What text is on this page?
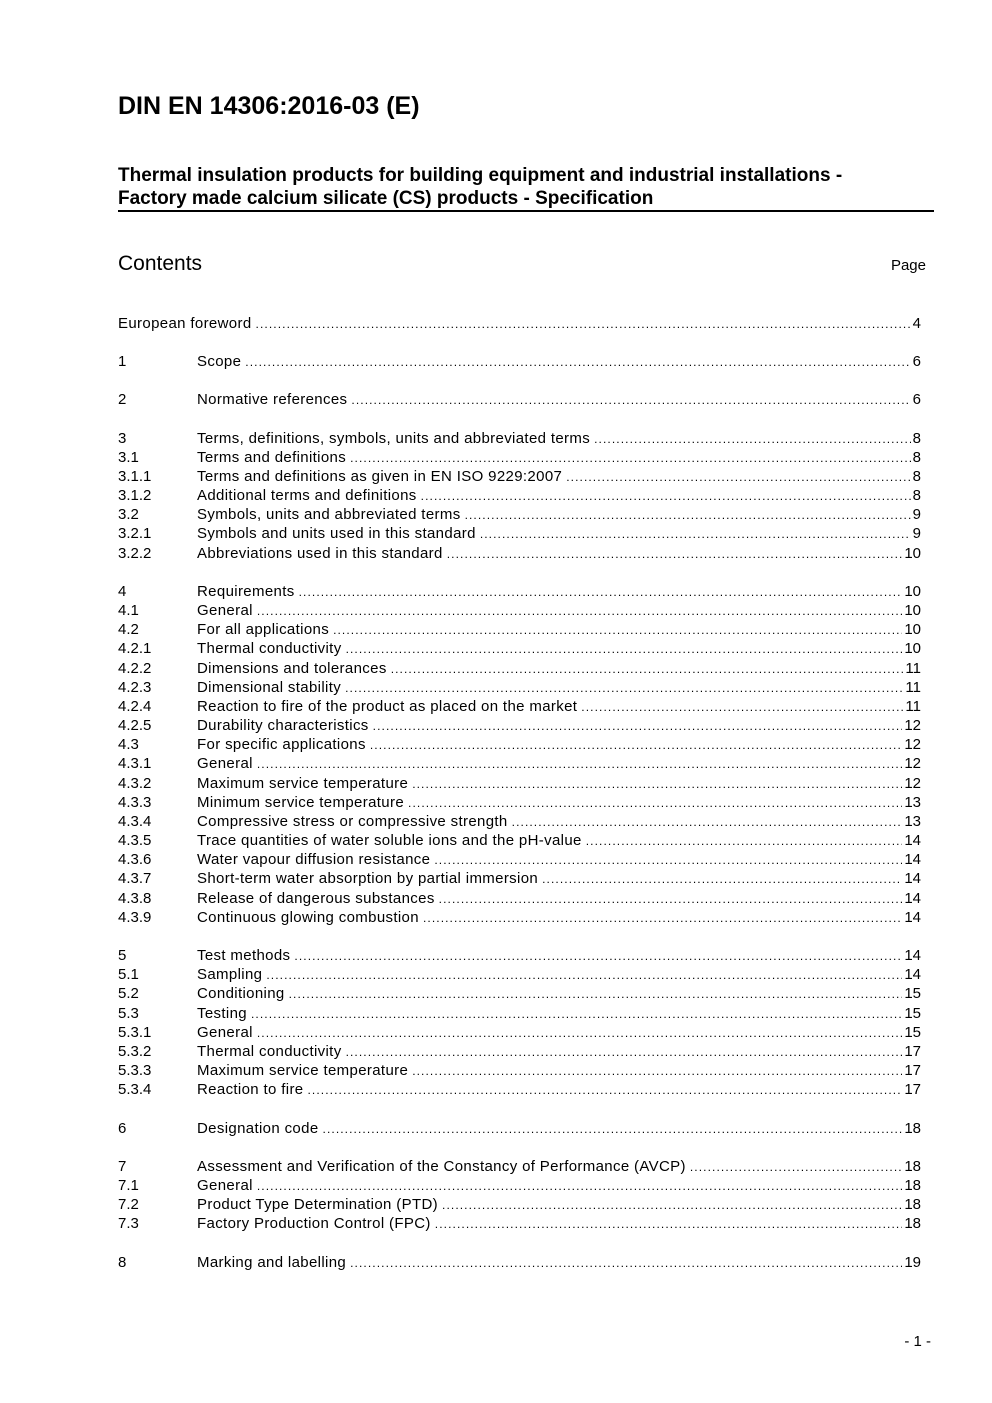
DIN EN 14306:2016-03 (E)
Thermal insulation products for building equipment and industrial installations -
Factory made calcium silicate (CS) products - Specification
Contents	Page
European foreword .....	4
1	Scope .....	6
2	Normative references .....	6
3	Terms, definitions, symbols, units and abbreviated terms .....	8
3.1	Terms and definitions .....	8
3.1.1	Terms and definitions as given in EN ISO 9229:2007 .....	8
3.1.2	Additional terms and definitions .....	8
3.2	Symbols, units and abbreviated terms .....	9
3.2.1	Symbols and units used in this standard .....	9
3.2.2	Abbreviations used in this standard .....	10
4	Requirements .....	10
4.1	General .....	10
4.2	For all applications .....	10
4.2.1	Thermal conductivity .....	10
4.2.2	Dimensions and tolerances .....	11
4.2.3	Dimensional stability .....	11
4.2.4	Reaction to fire of the product as placed on the market .....	11
4.2.5	Durability characteristics .....	12
4.3	For specific applications .....	12
4.3.1	General .....	12
4.3.2	Maximum service temperature .....	12
4.3.3	Minimum service temperature .....	13
4.3.4	Compressive stress or compressive strength .....	13
4.3.5	Trace quantities of water soluble ions and the pH-value .....	14
4.3.6	Water vapour diffusion resistance .....	14
4.3.7	Short-term water absorption by partial immersion .....	14
4.3.8	Release of dangerous substances .....	14
4.3.9	Continuous glowing combustion .....	14
5	Test methods .....	14
5.1	Sampling .....	14
5.2	Conditioning .....	15
5.3	Testing .....	15
5.3.1	General .....	15
5.3.2	Thermal conductivity .....	17
5.3.3	Maximum service temperature .....	17
5.3.4	Reaction to fire .....	17
6	Designation code .....	18
7	Assessment and Verification of the Constancy of Performance (AVCP) .....	18
7.1	General .....	18
7.2	Product Type Determination (PTD) .....	18
7.3	Factory Production Control (FPC) .....	18
8	Marking and labelling .....	19
- 1 -
